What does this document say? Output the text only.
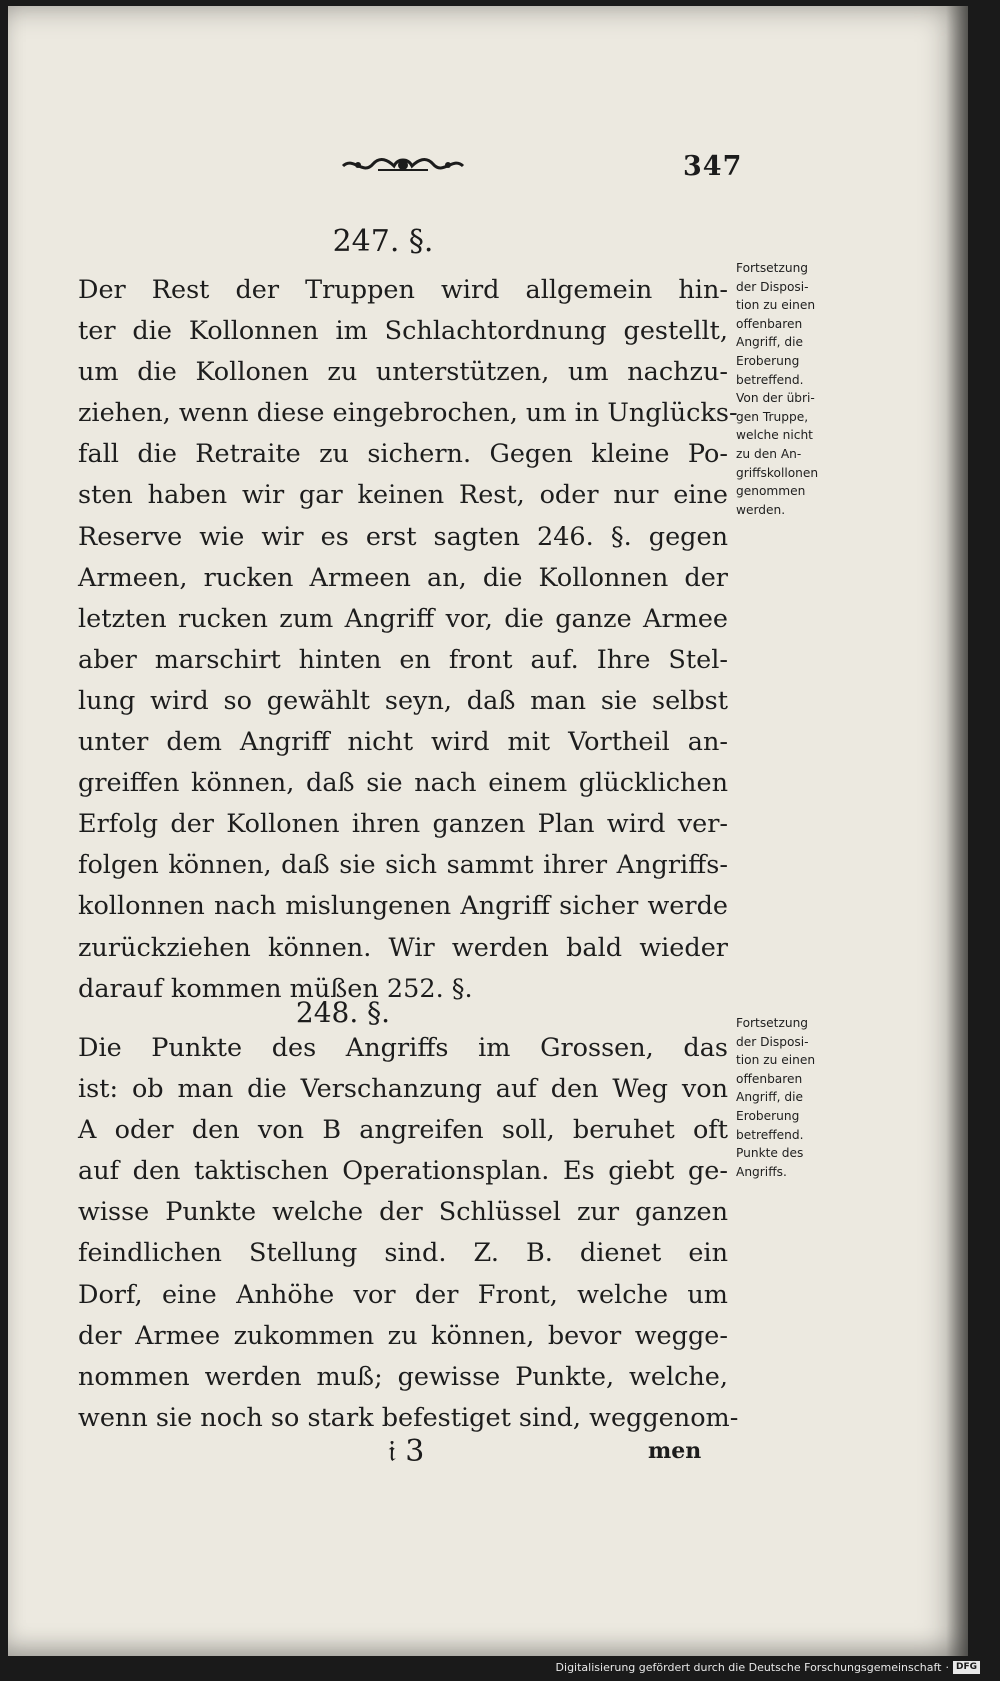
347
247. §.
Der Rest der Truppen wird allgemein hin-
ter die Kollonnen im Schlachtordnung gestellt,
um die Kollonen zu unterstützen, um nachzu-
ziehen, wenn diese eingebrochen, um in Unglücks-
fall die Retraite zu sichern. Gegen kleine Po-
sten haben wir gar keinen Rest, oder nur eine
Reserve wie wir es erst sagten 246. §. gegen
Armeen, rucken Armeen an, die Kollonnen der
letzten rucken zum Angriff vor, die ganze Armee
aber marschirt hinten en front auf. Ihre Stel-
lung wird so gewählt seyn, daß man sie selbst
unter dem Angriff nicht wird mit Vortheil an-
greiffen können, daß sie nach einem glücklichen
Erfolg der Kollonen ihren ganzen Plan wird ver-
folgen können, daß sie sich sammt ihrer Angriffs-
kollonnen nach mislungenen Angriff sicher werde
zurückziehen können. Wir werden bald wieder
darauf kommen müßen 252. §.
Fortsetzung
der Disposi-
tion zu einen
offenbaren
Angriff, die
Eroberung
betreffend.
Von der übri-
gen Truppe,
welche nicht
zu den An-
griffskollonen
genommen
werden.
248. §.
Die Punkte des Angriffs im Grossen, das
ist: ob man die Verschanzung auf den Weg von
A oder den von B angreifen soll, beruhet oft
auf den taktischen Operationsplan. Es giebt ge-
wisse Punkte welche der Schlüssel zur ganzen
feindlichen Stellung sind. Z. B. dienet ein
Dorf, eine Anhöhe vor der Front, welche um
der Armee zukommen zu können, bevor wegge-
nommen werden muß; gewisse Punkte, welche,
wenn sie noch so stark befestiget sind, weggenom-
Fortsetzung
der Disposi-
tion zu einen
offenbaren
Angriff, die
Eroberung
betreffend.
Punkte des
Angriffs.
𝔦 3	men
Digitalisierung gefördert durch die Deutsche Forschungsgemeinschaft · DFG
